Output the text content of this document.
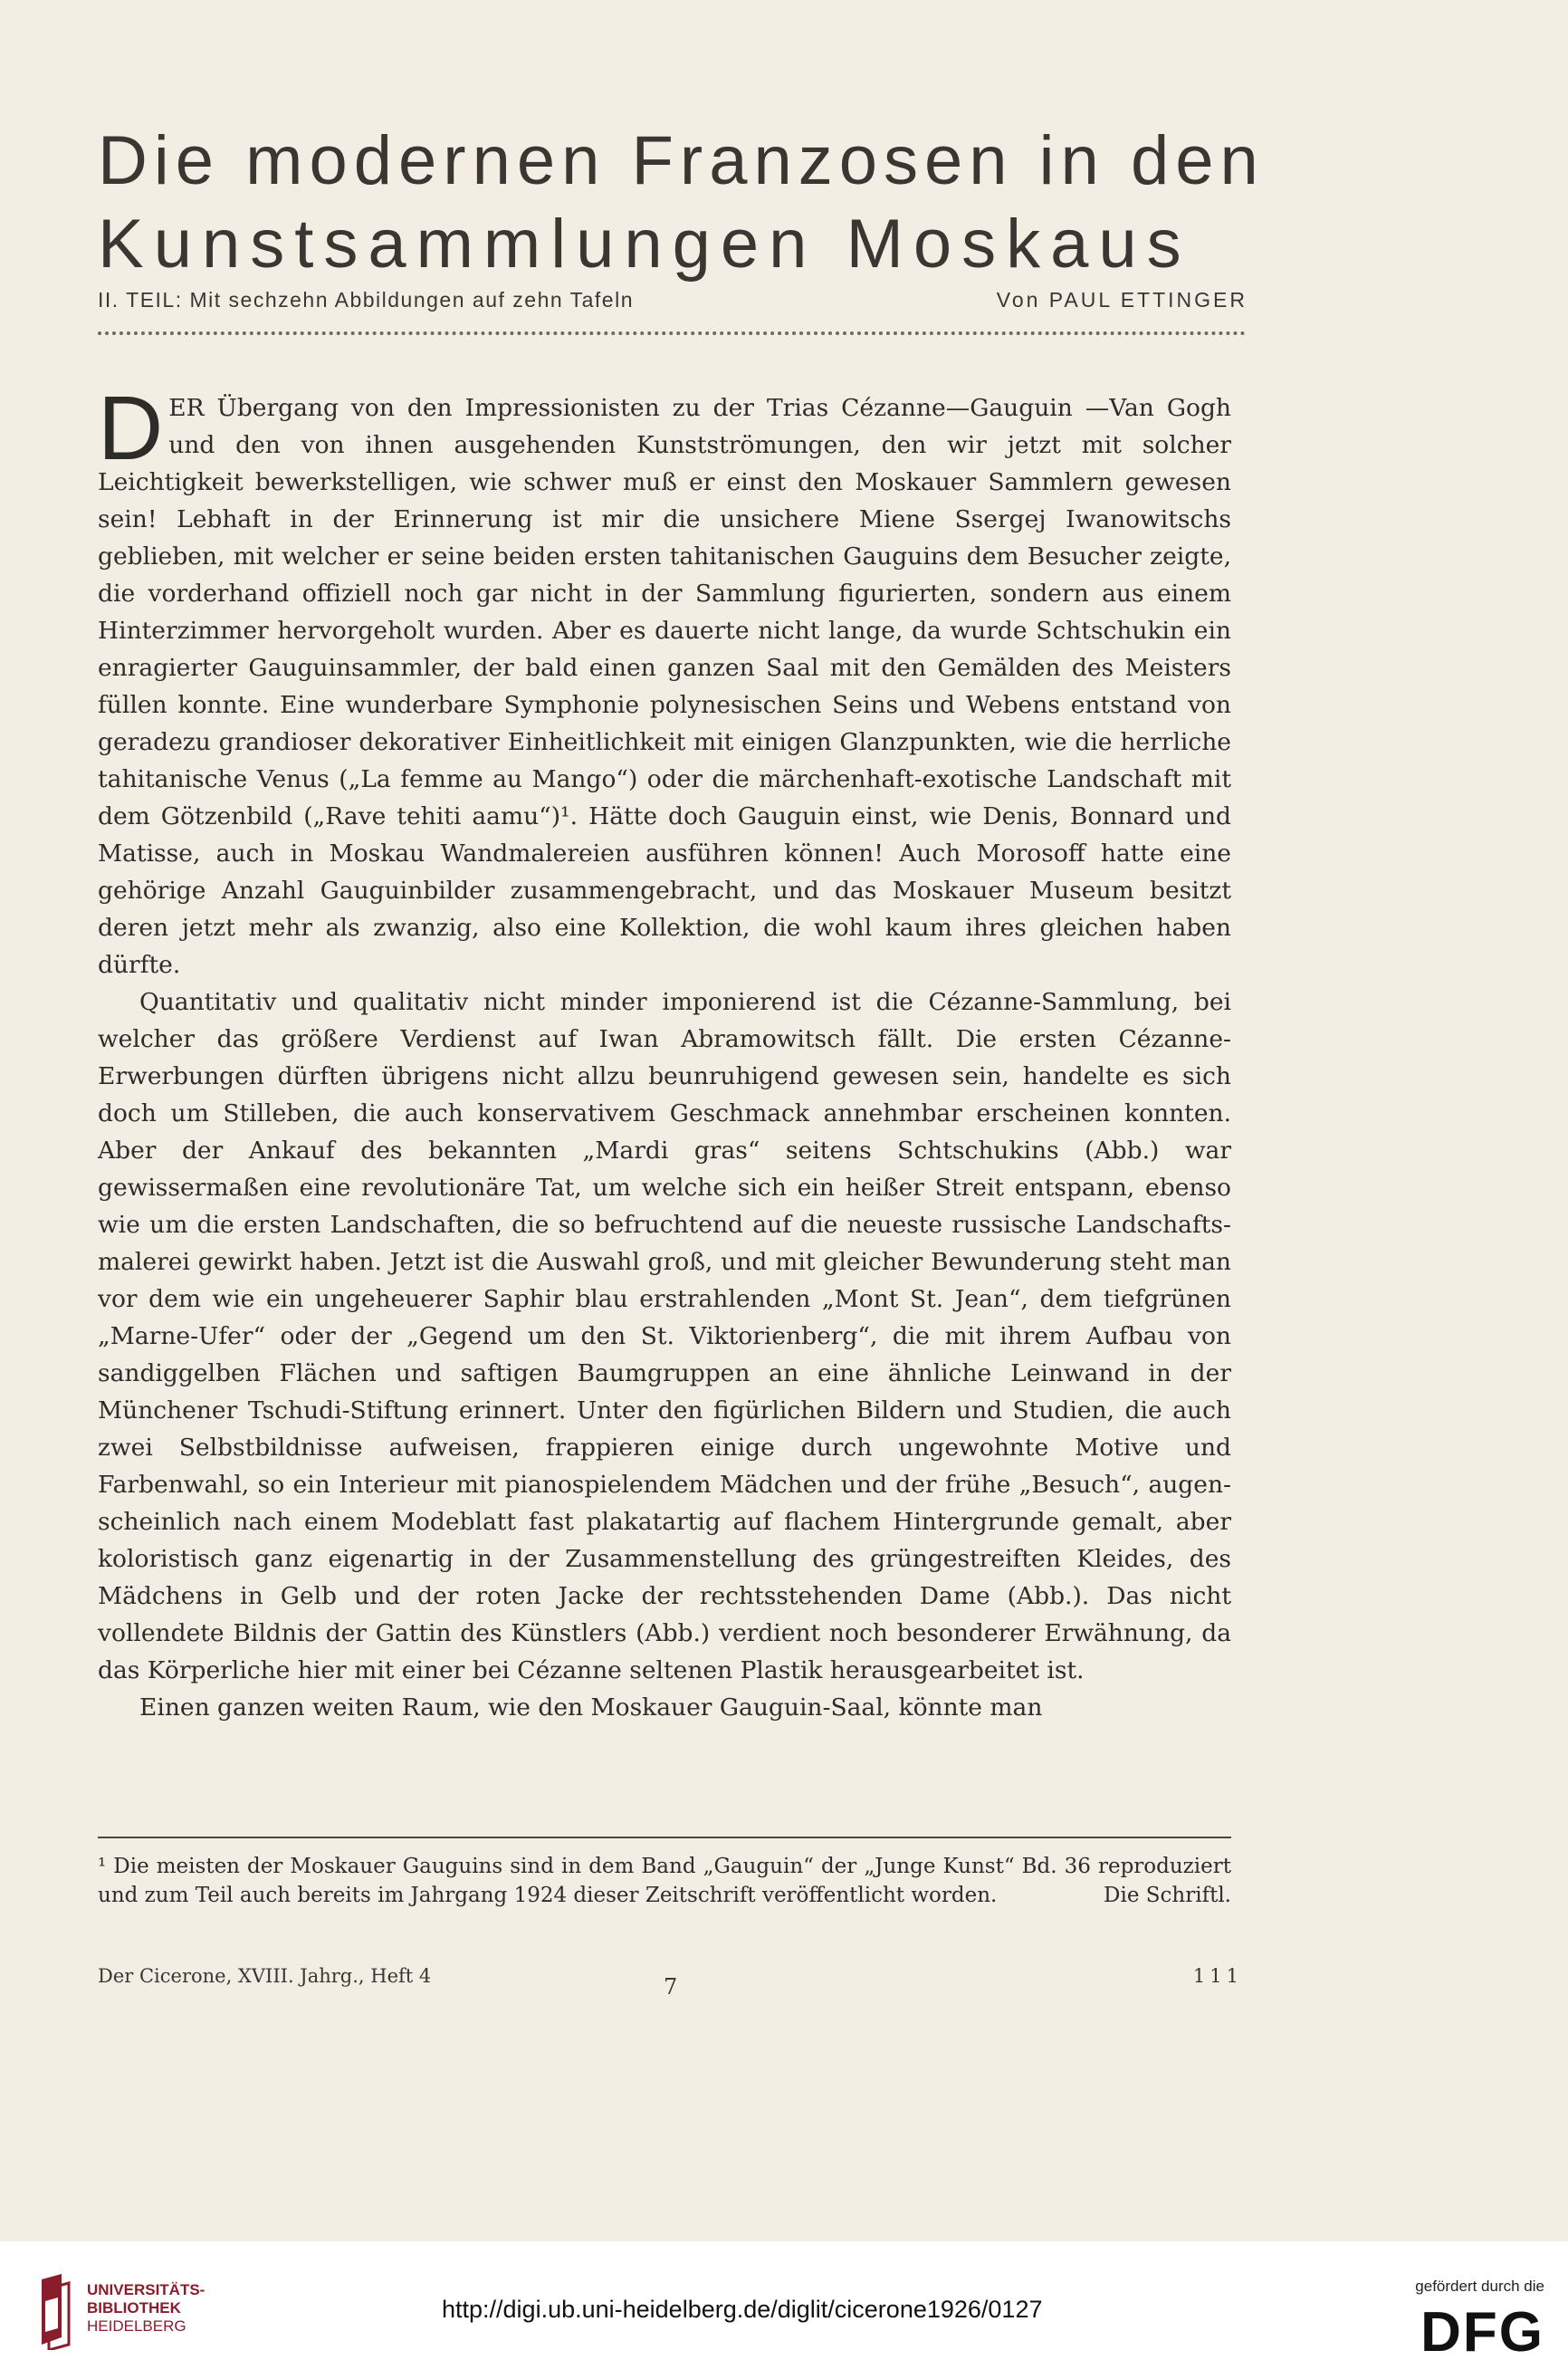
Die modernen Franzosen in den
Kunstsammlungen Moskaus
II. TEIL: Mit sechzehn Abbildungen auf zehn Tafeln	Von PAUL ETTINGER

DER Übergang von den Impressionisten zu der Trias Cézanne—Gauguin —Van Gogh und den von ihnen ausgehenden Kunstströmungen, den wir jetzt mit solcher Leichtigkeit bewerkstelligen, wie schwer muß er einst den Moskauer Sammlern gewesen sein! Lebhaft in der Erinnerung ist mir die unsichere Miene Ssergej Iwanowitschs geblieben, mit welcher er seine beiden ersten tahitanischen Gauguins dem Besucher zeigte, die vorderhand offiziell noch gar nicht in der Sammlung figurierten, sondern aus einem Hinterzimmer hervorgeholt wurden. Aber es dauerte nicht lange, da wurde Schtschukin ein enragierter Gauguinsammler, der bald einen ganzen Saal mit den Gemälden des Meisters füllen konnte. Eine wunderbare Symphonie polynesischen Seins und Webens entstand von geradezu grandioser dekorativer Einheitlichkeit mit einigen Glanzpunkten, wie die herrliche tahitanische Venus („La femme au Mango“) oder die märchenhaft-exotische Landschaft mit dem Götzenbild („Rave tehiti aamu“)¹. Hätte doch Gauguin einst, wie Denis, Bonnard und Matisse, auch in Moskau Wandmalereien ausführen können! Auch Morosoff hatte eine gehörige Anzahl Gauguinbilder zusammengebracht, und das Moskauer Museum besitzt deren jetzt mehr als zwanzig, also eine Kollektion, die wohl kaum ihres gleichen haben dürfte.

Quantitativ und qualitativ nicht minder imponierend ist die Cézanne-Sammlung, bei welcher das größere Verdienst auf Iwan Abramowitsch fällt. Die ersten Cézanne-Erwerbungen dürften übrigens nicht allzu beunruhigend gewesen sein, handelte es sich doch um Stilleben, die auch konservativem Geschmack annehmbar erscheinen konnten. Aber der Ankauf des bekannten „Mardi gras“ seitens Schtschukins (Abb.) war gewissermaßen eine revolutionäre Tat, um welche sich ein heißer Streit entspann, ebenso wie um die ersten Landschaften, die so befruchtend auf die neueste russische Landschaftsmalerei gewirkt haben. Jetzt ist die Auswahl groß, und mit gleicher Bewunderung steht man vor dem wie ein ungeheuerer Saphir blau erstrahlenden „Mont St. Jean“, dem tiefgrünen „Marne-Ufer“ oder der „Gegend um den St. Viktorienberg“, die mit ihrem Aufbau von sandiggelben Flächen und saftigen Baumgruppen an eine ähnliche Leinwand in der Münchener Tschudi-Stiftung erinnert. Unter den figürlichen Bildern und Studien, die auch zwei Selbstbildnisse aufweisen, frappieren einige durch ungewohnte Motive und Farbenwahl, so ein Interieur mit pianospielendem Mädchen und der frühe „Besuch“, augenscheinlich nach einem Modeblatt fast plakatartig auf flachem Hintergrunde gemalt, aber koloristisch ganz eigenartig in der Zusammenstellung des grüngestreiften Kleides, des Mädchens in Gelb und der roten Jacke der rechtsstehenden Dame (Abb.). Das nicht vollendete Bildnis der Gattin des Künstlers (Abb.) verdient noch besonderer Erwähnung, da das Körperliche hier mit einer bei Cézanne seltenen Plastik herausgearbeitet ist.

Einen ganzen weiten Raum, wie den Moskauer Gauguin-Saal, könnte man

¹ Die meisten der Moskauer Gauguins sind in dem Band „Gauguin“ der „Junge Kunst“ Bd. 36 reproduziert und zum Teil auch bereits im Jahrgang 1924 dieser Zeitschrift veröffentlicht worden.	Die Schriftl.
Der Cicerone, XVIII. Jahrg., Heft 4	7	111
UNIVERSITÄTS-
BIBLIOTHEK
HEIDELBERG
http://digi.ub.uni-heidelberg.de/diglit/cicerone1926/0127
gefördert durch die
DFG
